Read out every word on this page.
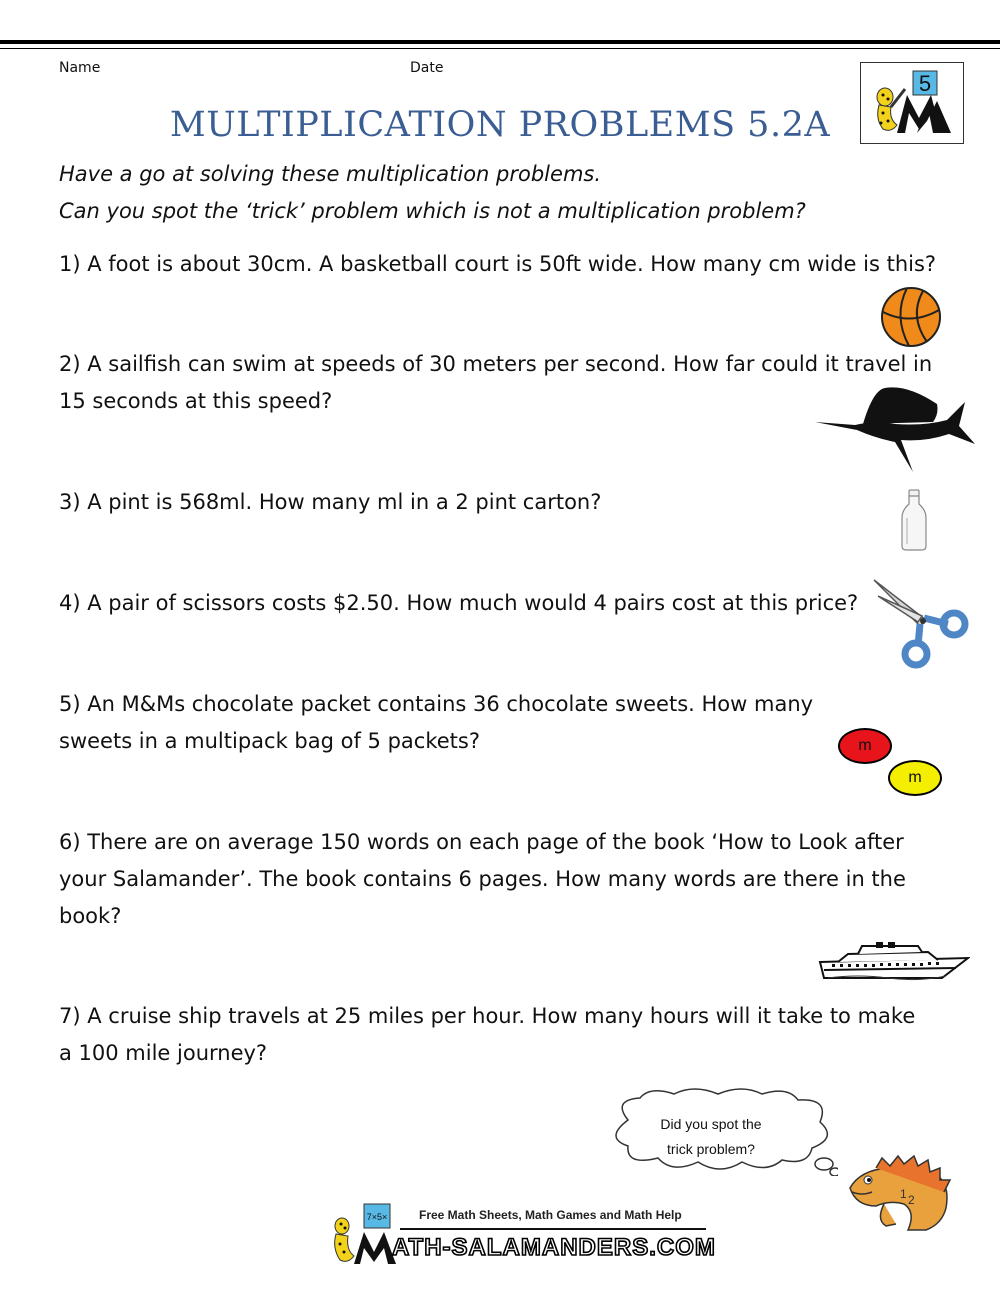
Name	Date
5
MULTIPLICATION PROBLEMS 5.2A
Have a go at solving these multiplication problems.
Can you spot the ‘trick’ problem which is not a multiplication problem?
1) A foot is about 30cm. A basketball court is 50ft wide. How many cm wide is this?
2) A sailfish can swim at speeds of 30 meters per second. How far could it travel in
15 seconds at this speed?
3) A pint is 568ml. How many ml in a 2 pint carton?
4) A pair of scissors costs $2.50. How much would 4 pairs cost at this price?
5) An M&Ms chocolate packet contains 36 chocolate sweets. How many
sweets in a multipack bag of 5 packets?
6) There are on average 150 words on each page of the book ‘How to Look after
your Salamander’. The book contains 6 pages. How many words are there in the
book?
7) A cruise ship travels at 25 miles per hour. How many hours will it take to make
a 100 mile journey?
m
m
Did you spot the
trick problem?
1 2
7×5×	Free Math Sheets, Math Games and Math Help
ATH-SALAMANDERS.COM
